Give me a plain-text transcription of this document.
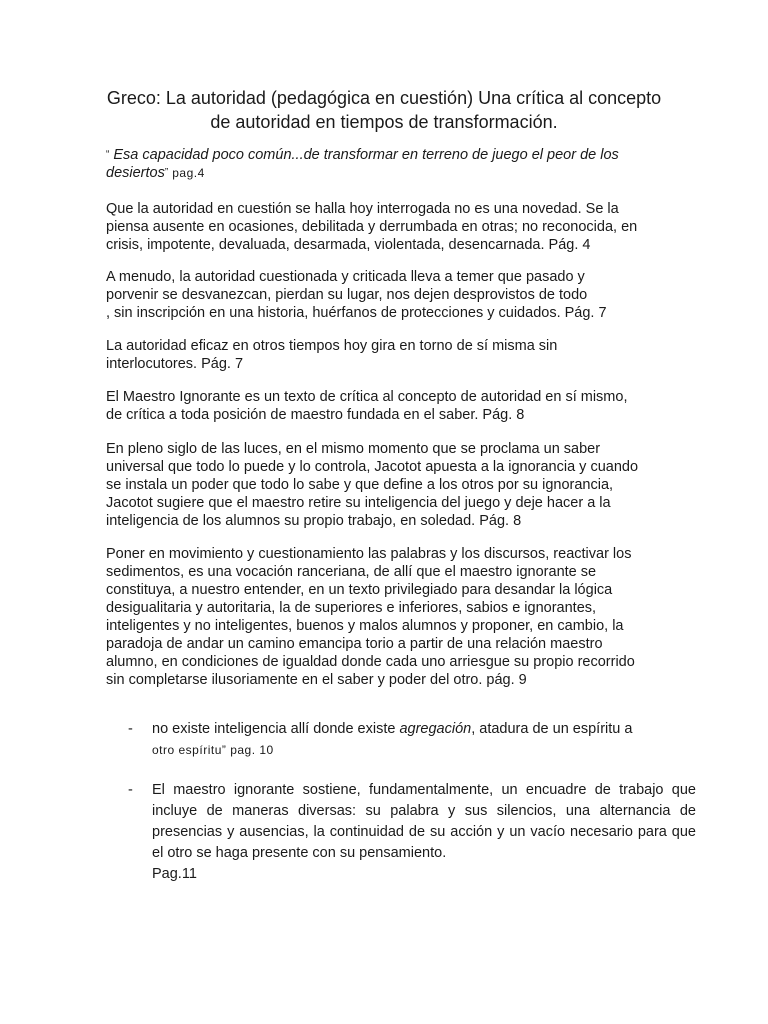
Greco: La autoridad (pedagógica en cuestión) Una crítica al concepto
de autoridad en tiempos de transformación.

“ Esa capacidad poco común...de transformar en terreno de juego el peor de los
desiertos” pag.4

Que la autoridad en cuestión se halla hoy interrogada no es una novedad. Se la
piensa ausente en ocasiones, debilitada y derrumbada en otras; no reconocida, en
crisis, impotente, devaluada, desarmada, violentada, desencarnada. Pág. 4

A menudo, la autoridad cuestionada y criticada lleva a temer que pasado y
porvenir se desvanezcan, pierdan su lugar, nos dejen desprovistos de todo
, sin inscripción en una historia, huérfanos de protecciones y cuidados. Pág. 7

La autoridad eficaz en otros tiempos hoy gira en torno de sí misma sin
interlocutores. Pág. 7

El Maestro Ignorante es un texto de crítica al concepto de autoridad en sí mismo,
de crítica a toda posición de maestro fundada en el saber. Pág. 8

En pleno siglo de las luces, en el mismo momento que se proclama un saber
universal que todo lo puede y lo controla, Jacotot apuesta a la ignorancia y cuando
se instala un poder que todo lo sabe y que define a los otros por su ignorancia,
Jacotot sugiere que el maestro retire su inteligencia del juego y deje hacer a la
inteligencia de los alumnos su propio trabajo, en soledad. Pág. 8

Poner en movimiento y cuestionamiento las palabras y los discursos, reactivar los
sedimentos, es una vocación ranceriana, de allí que el maestro ignorante se
constituya, a nuestro entender, en un texto privilegiado para desandar la lógica
desigualitaria y autoritaria, la de superiores e inferiores, sabios e ignorantes,
inteligentes y no inteligentes, buenos y malos alumnos y proponer, en cambio, la
paradoja de andar un camino emancipa torio a partir de una relación maestro
alumno, en condiciones de igualdad donde cada uno arriesgue su propio recorrido
sin completarse ilusoriamente en el saber y poder del otro. pág. 9

- no existe inteligencia allí donde existe agregación, atadura de un espíritu a
otro espíritu” pag. 10
- El maestro ignorante sostiene, fundamentalmente, un encuadre de trabajo que incluye de maneras diversas: su palabra y sus silencios, una alternancia de presencias y ausencias, la continuidad de su acción y un vacío necesario para que el otro se haga presente con su pensamiento.
Pag.11
